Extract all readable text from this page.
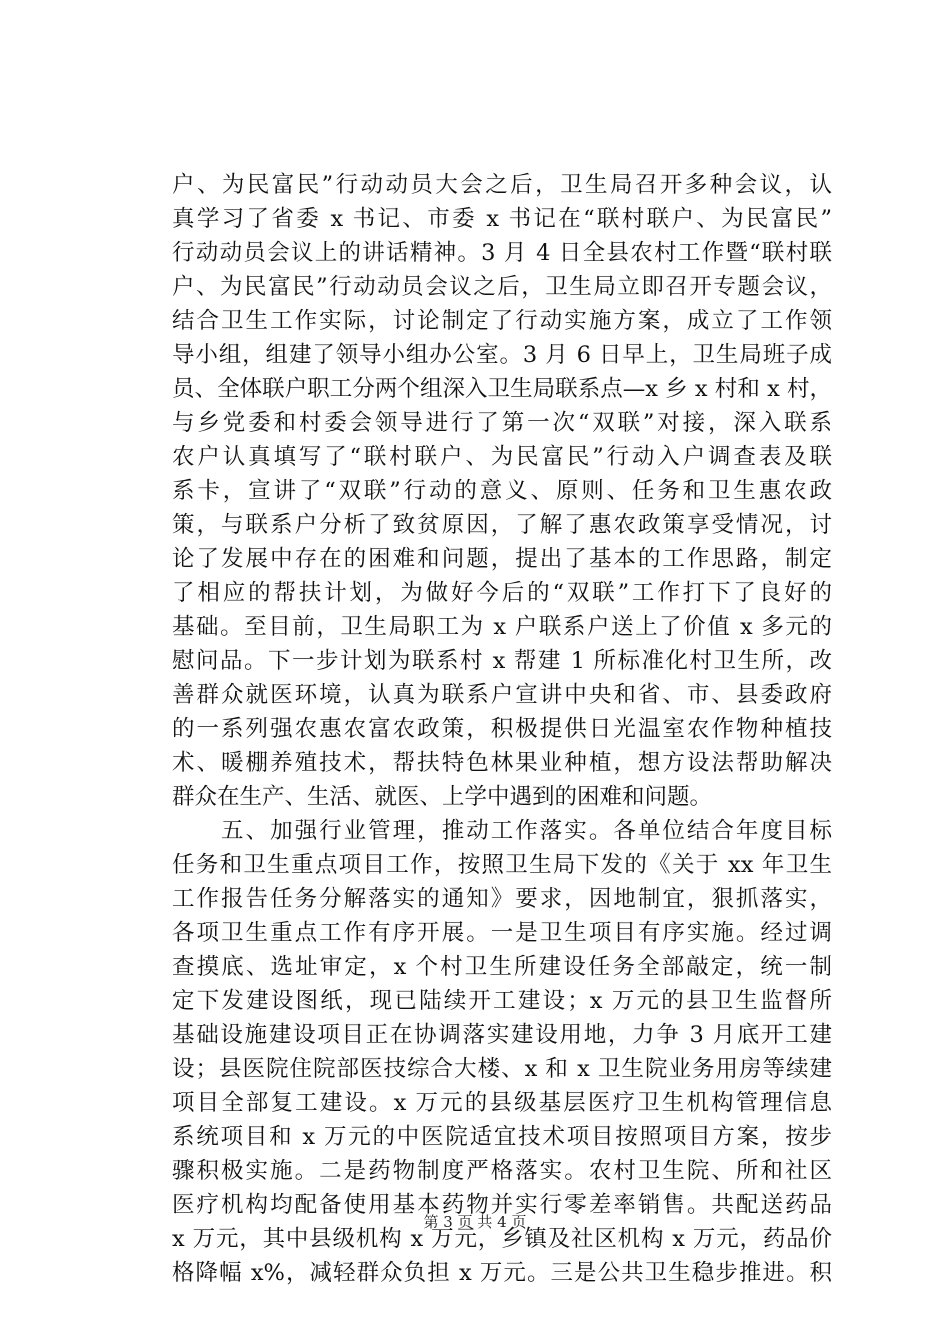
户、为民富民”行动动员大会之后，卫生局召开多种会议，认
真学习了省委 x 书记、市委 x 书记在“联村联户、为民富民”
行动动员会议上的讲话精神。3 月 4 日全县农村工作暨“联村联
户、为民富民”行动动员会议之后，卫生局立即召开专题会议，
结合卫生工作实际，讨论制定了行动实施方案，成立了工作领
导小组，组建了领导小组办公室。3 月 6 日早上，卫生局班子成
员、全体联户职工分两个组深入卫生局联系点—x 乡 x 村和 x 村，
与乡党委和村委会领导进行了第一次“双联”对接，深入联系
农户认真填写了“联村联户、为民富民”行动入户调查表及联
系卡，宣讲了“双联”行动的意义、原则、任务和卫生惠农政
策，与联系户分析了致贫原因，了解了惠农政策享受情况，讨
论了发展中存在的困难和问题，提出了基本的工作思路，制定
了相应的帮扶计划，为做好今后的“双联”工作打下了良好的
基础。至目前，卫生局职工为 x 户联系户送上了价值 x 多元的
慰问品。下一步计划为联系村 x 帮建 1 所标准化村卫生所，改
善群众就医环境，认真为联系户宣讲中央和省、市、县委政府
的一系列强农惠农富农政策，积极提供日光温室农作物种植技
术、暖棚养殖技术，帮扶特色林果业种植，想方设法帮助解决
群众在生产、生活、就医、上学中遇到的困难和问题。
　　五、加强行业管理，推动工作落实。各单位结合年度目标
任务和卫生重点项目工作，按照卫生局下发的《关于 xx 年卫生
工作报告任务分解落实的通知》要求，因地制宜，狠抓落实，
各项卫生重点工作有序开展。一是卫生项目有序实施。经过调
查摸底、选址审定，x 个村卫生所建设任务全部敲定，统一制
定下发建设图纸，现已陆续开工建设；x 万元的县卫生监督所
基础设施建设项目正在协调落实建设用地，力争 3 月底开工建
设；县医院住院部医技综合大楼、x 和 x 卫生院业务用房等续建
项目全部复工建设。x 万元的县级基层医疗卫生机构管理信息
系统项目和 x 万元的中医院适宜技术项目按照项目方案，按步
骤积极实施。二是药物制度严格落实。农村卫生院、所和社区
医疗机构均配备使用基本药物并实行零差率销售。共配送药品
x 万元，其中县级机构 x 万元，乡镇及社区机构 x 万元，药品价
格降幅 x%，减轻群众负担 x 万元。三是公共卫生稳步推进。积
第 3 页 共 4 页
